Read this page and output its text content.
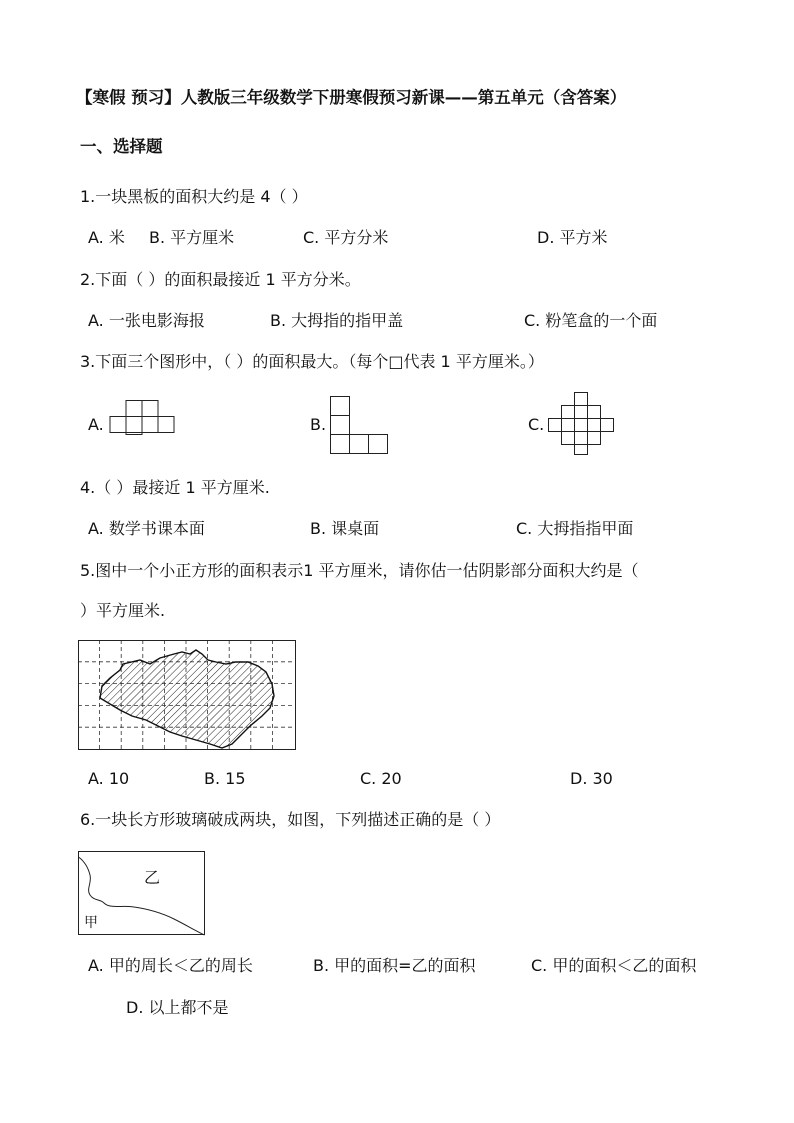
【寒假 预习】人教版三年级数学下册寒假预习新课——第五单元（含答案）
一、选择题
1.一块黑板的面积大约是 4（ ）
A. 米 B. 平方厘米	C. 平方分米	D. 平方米
2.下面（ ）的面积最接近 1 平方分米。
A. 一张电影海报	B. 大拇指的指甲盖	C. 粉笔盒的一个面
3.下面三个图形中，（ ）的面积最大。（每个□代表 1 平方厘米。）
A.	B.	C.
4.（ ）最接近 1 平方厘米.
A. 数学书课本面	B. 课桌面	C. 大拇指指甲面
5.图中一个小正方形的面积表示1 平方厘米，请你估一估阴影部分面积大约是（
）平方厘米.
A. 10	B. 15	C. 20	D. 30
6.一块长方形玻璃破成两块，如图，下列描述正确的是（ ）
乙
甲
A. 甲的周长＜乙的周长	B. 甲的面积=乙的面积	C. 甲的面积＜乙的面积
D. 以上都不是
